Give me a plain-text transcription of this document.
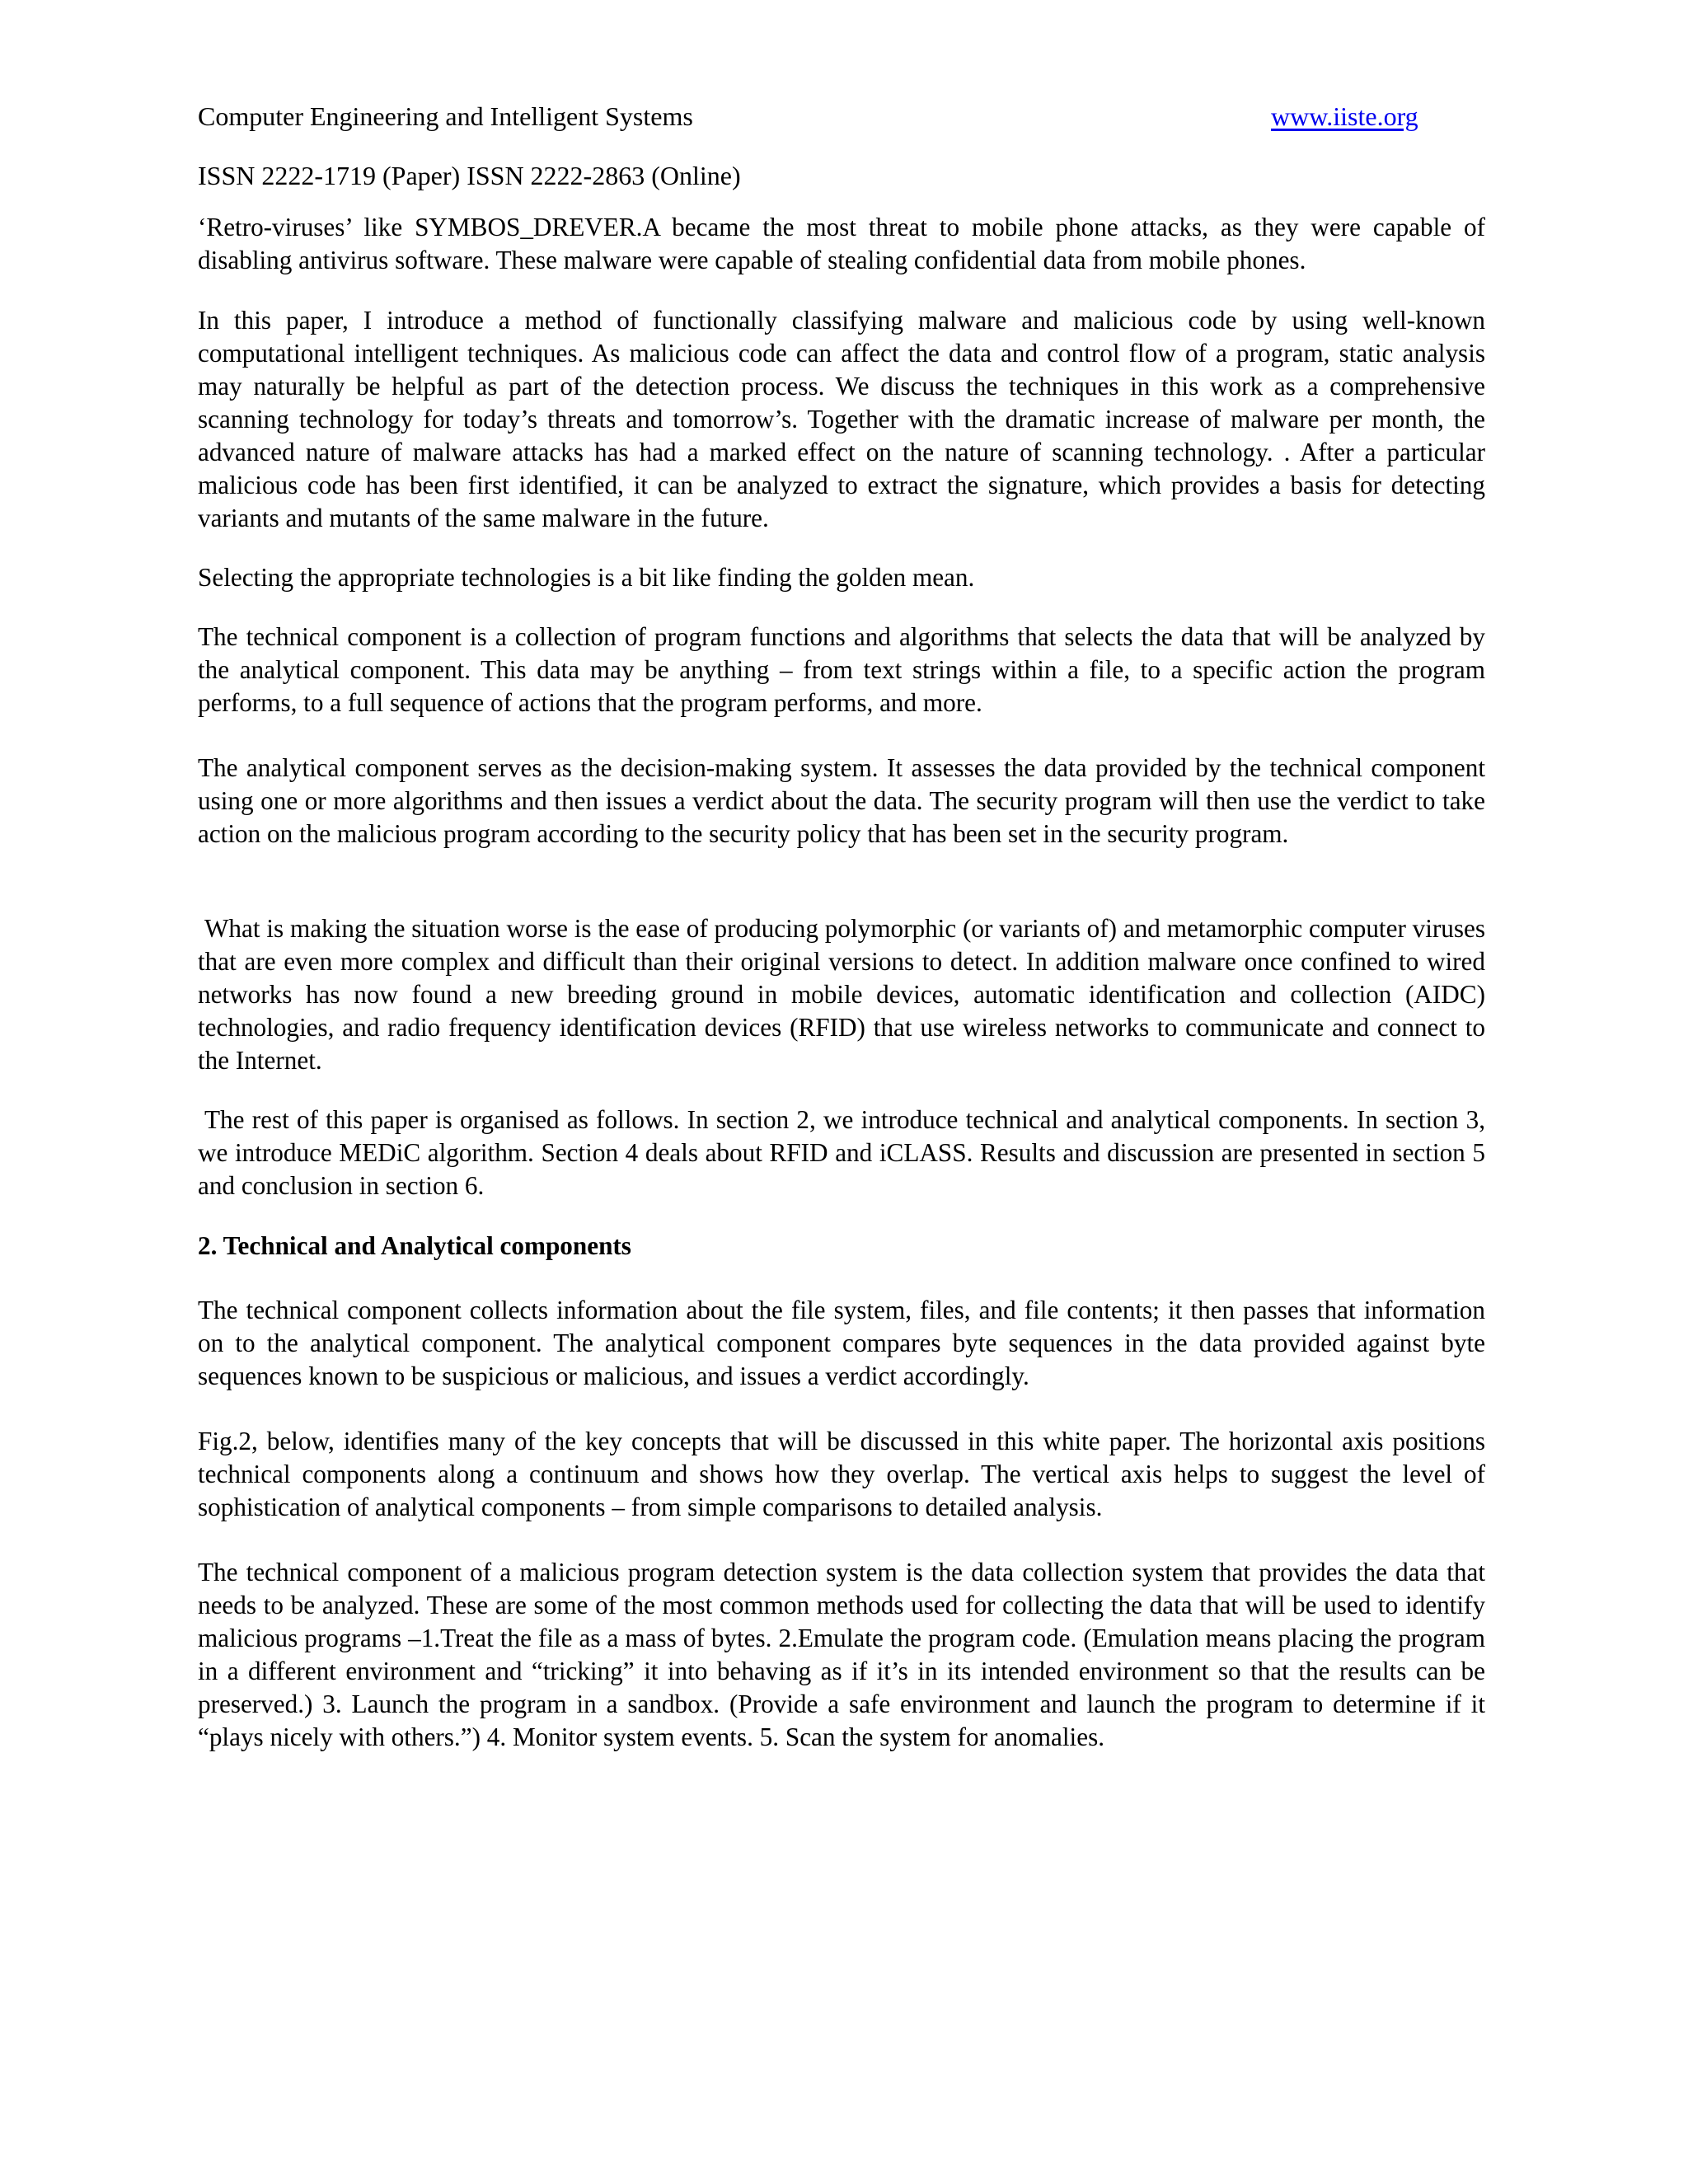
Computer Engineering and Intelligent Systems	www.iiste.org
ISSN 2222-1719 (Paper) ISSN 2222-2863 (Online)

‘Retro-viruses’ like SYMBOS_DREVER.A became the most threat to mobile phone attacks, as they were capable of disabling antivirus software. These malware were capable of stealing confidential data from mobile phones.

In this paper, I introduce a method of functionally classifying malware and malicious code by using well-known computational intelligent techniques. As malicious code can affect the data and control flow of a program, static analysis may naturally be helpful as part of the detection process. We discuss the techniques in this work as a comprehensive scanning technology for today’s threats and tomorrow’s. Together with the dramatic increase of malware per month, the advanced nature of malware attacks has had a marked effect on the nature of scanning technology. . After a particular malicious code has been first identified, it can be analyzed to extract the signature, which provides a basis for detecting variants and mutants of the same malware in the future.

Selecting the appropriate technologies is a bit like finding the golden mean.

The technical component is a collection of program functions and algorithms that selects the data that will be analyzed by the analytical component. This data may be anything – from text strings within a file, to a specific action the program performs, to a full sequence of actions that the program performs, and more.

The analytical component serves as the decision-making system. It assesses the data provided by the technical component using one or more algorithms and then issues a verdict about the data. The security program will then use the verdict to take action on the malicious program according to the security policy that has been set in the security program.

What is making the situation worse is the ease of producing polymorphic (or variants of) and metamorphic computer viruses that are even more complex and difficult than their original versions to detect. In addition malware once confined to wired networks has now found a new breeding ground in mobile devices, automatic identification and collection (AIDC) technologies, and radio frequency identification devices (RFID) that use wireless networks to communicate and connect to the Internet.

The rest of this paper is organised as follows. In section 2, we introduce technical and analytical components. In section 3, we introduce MEDiC algorithm. Section 4 deals about RFID and iCLASS. Results and discussion are presented in section 5 and conclusion in section 6.

2. Technical and Analytical components

The technical component collects information about the file system, files, and file contents; it then passes that information on to the analytical component. The analytical component compares byte sequences in the data provided against byte sequences known to be suspicious or malicious, and issues a verdict accordingly.

Fig.2, below, identifies many of the key concepts that will be discussed in this white paper. The horizontal axis positions technical components along a continuum and shows how they overlap. The vertical axis helps to suggest the level of sophistication of analytical components – from simple comparisons to detailed analysis.

The technical component of a malicious program detection system is the data collection system that provides the data that needs to be analyzed. These are some of the most common methods used for collecting the data that will be used to identify malicious programs –1.Treat the file as a mass of bytes. 2.Emulate the program code. (Emulation means placing the program in a different environment and “tricking” it into behaving as if it’s in its intended environment so that the results can be preserved.) 3. Launch the program in a sandbox. (Provide a safe environment and launch the program to determine if it “plays nicely with others.”) 4. Monitor system events. 5. Scan the system for anomalies.
